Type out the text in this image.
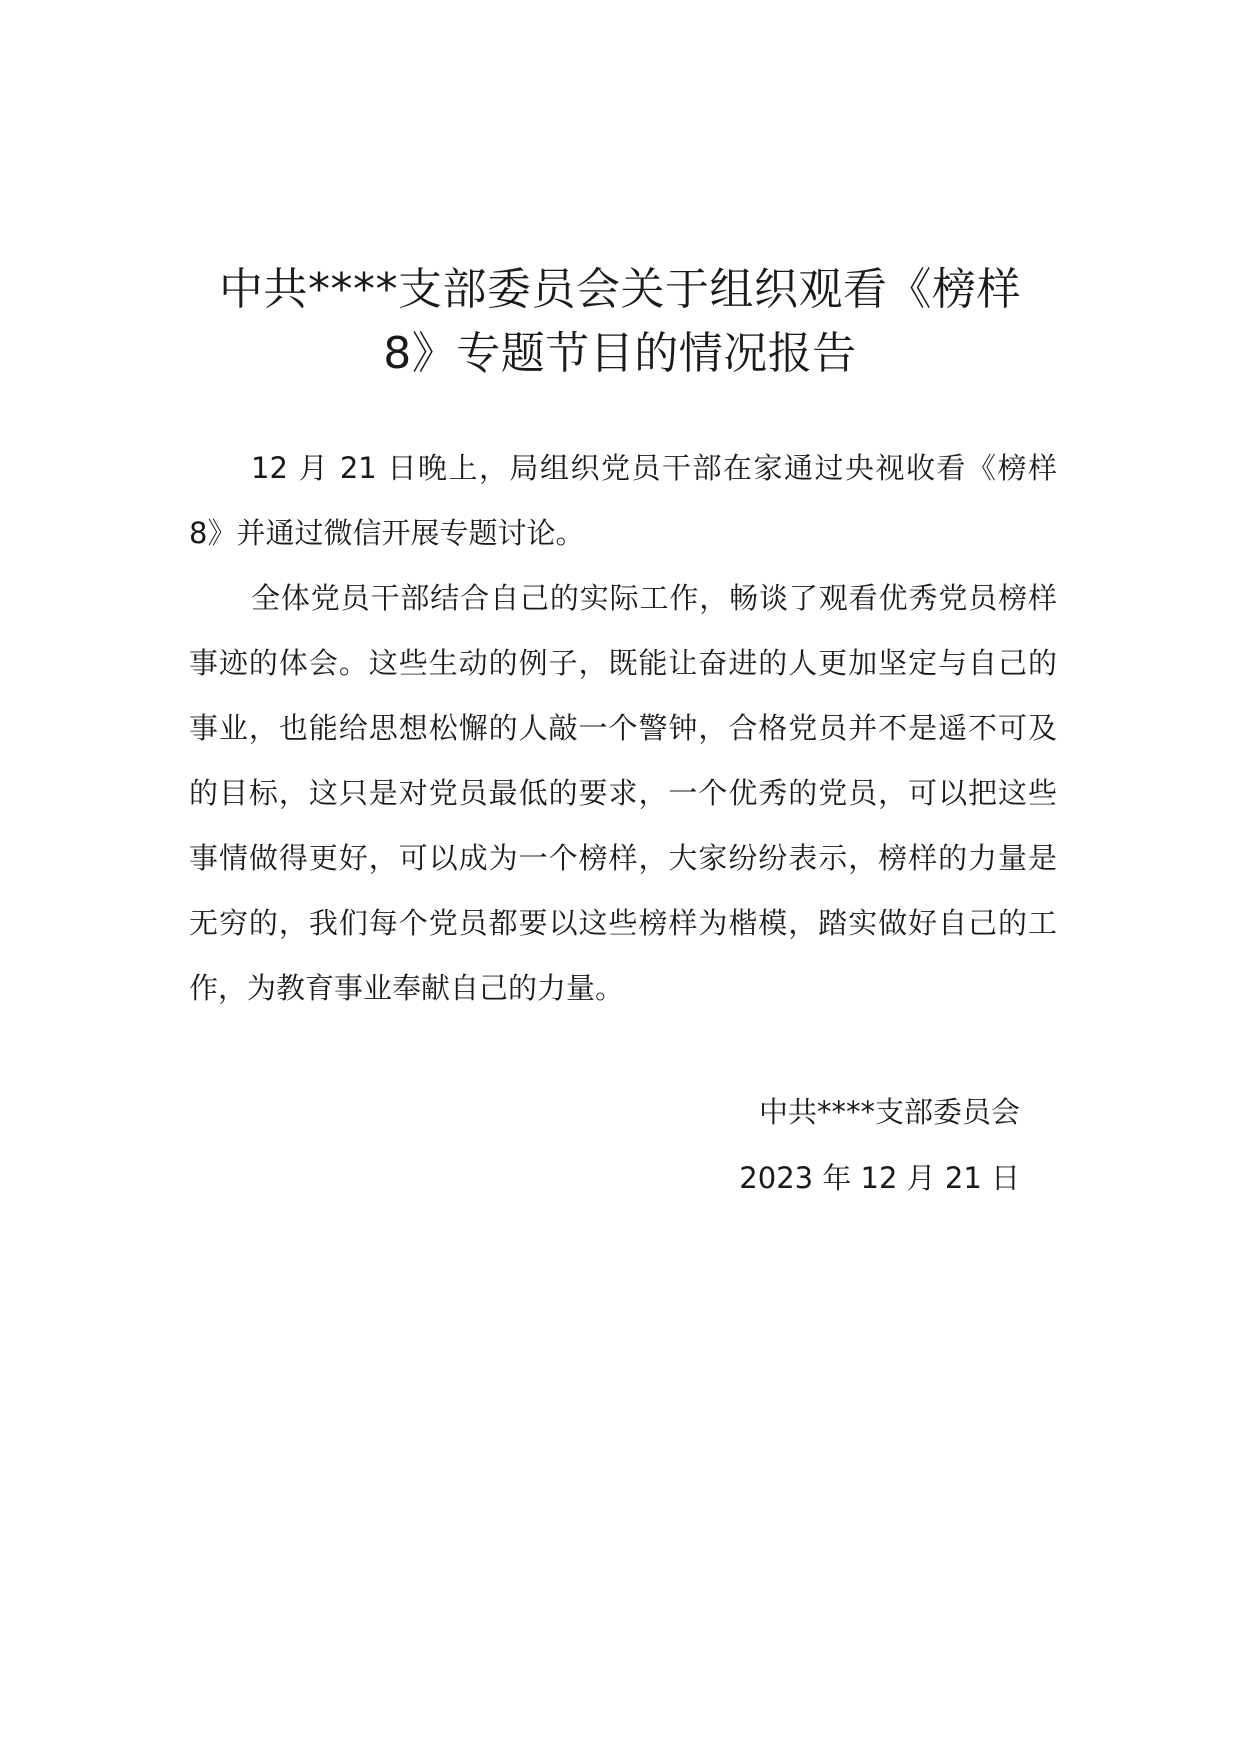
中共****支部委员会关于组织观看《榜样
8》专题节目的情况报告

12 月 21 日晚上，局组织党员干部在家通过央视收看《榜样 8》并通过微信开展专题讨论。

全体党员干部结合自己的实际工作，畅谈了观看优秀党员榜样事迹的体会。这些生动的例子，既能让奋进的人更加坚定与自己的事业，也能给思想松懈的人敲一个警钟，合格党员并不是遥不可及的目标，这只是对党员最低的要求，一个优秀的党员，可以把这些事情做得更好，可以成为一个榜样，大家纷纷表示，榜样的力量是无穷的，我们每个党员都要以这些榜样为楷模，踏实做好自己的工作，为教育事业奉献自己的力量。

中共****支部委员会
2023 年 12 月 21 日
